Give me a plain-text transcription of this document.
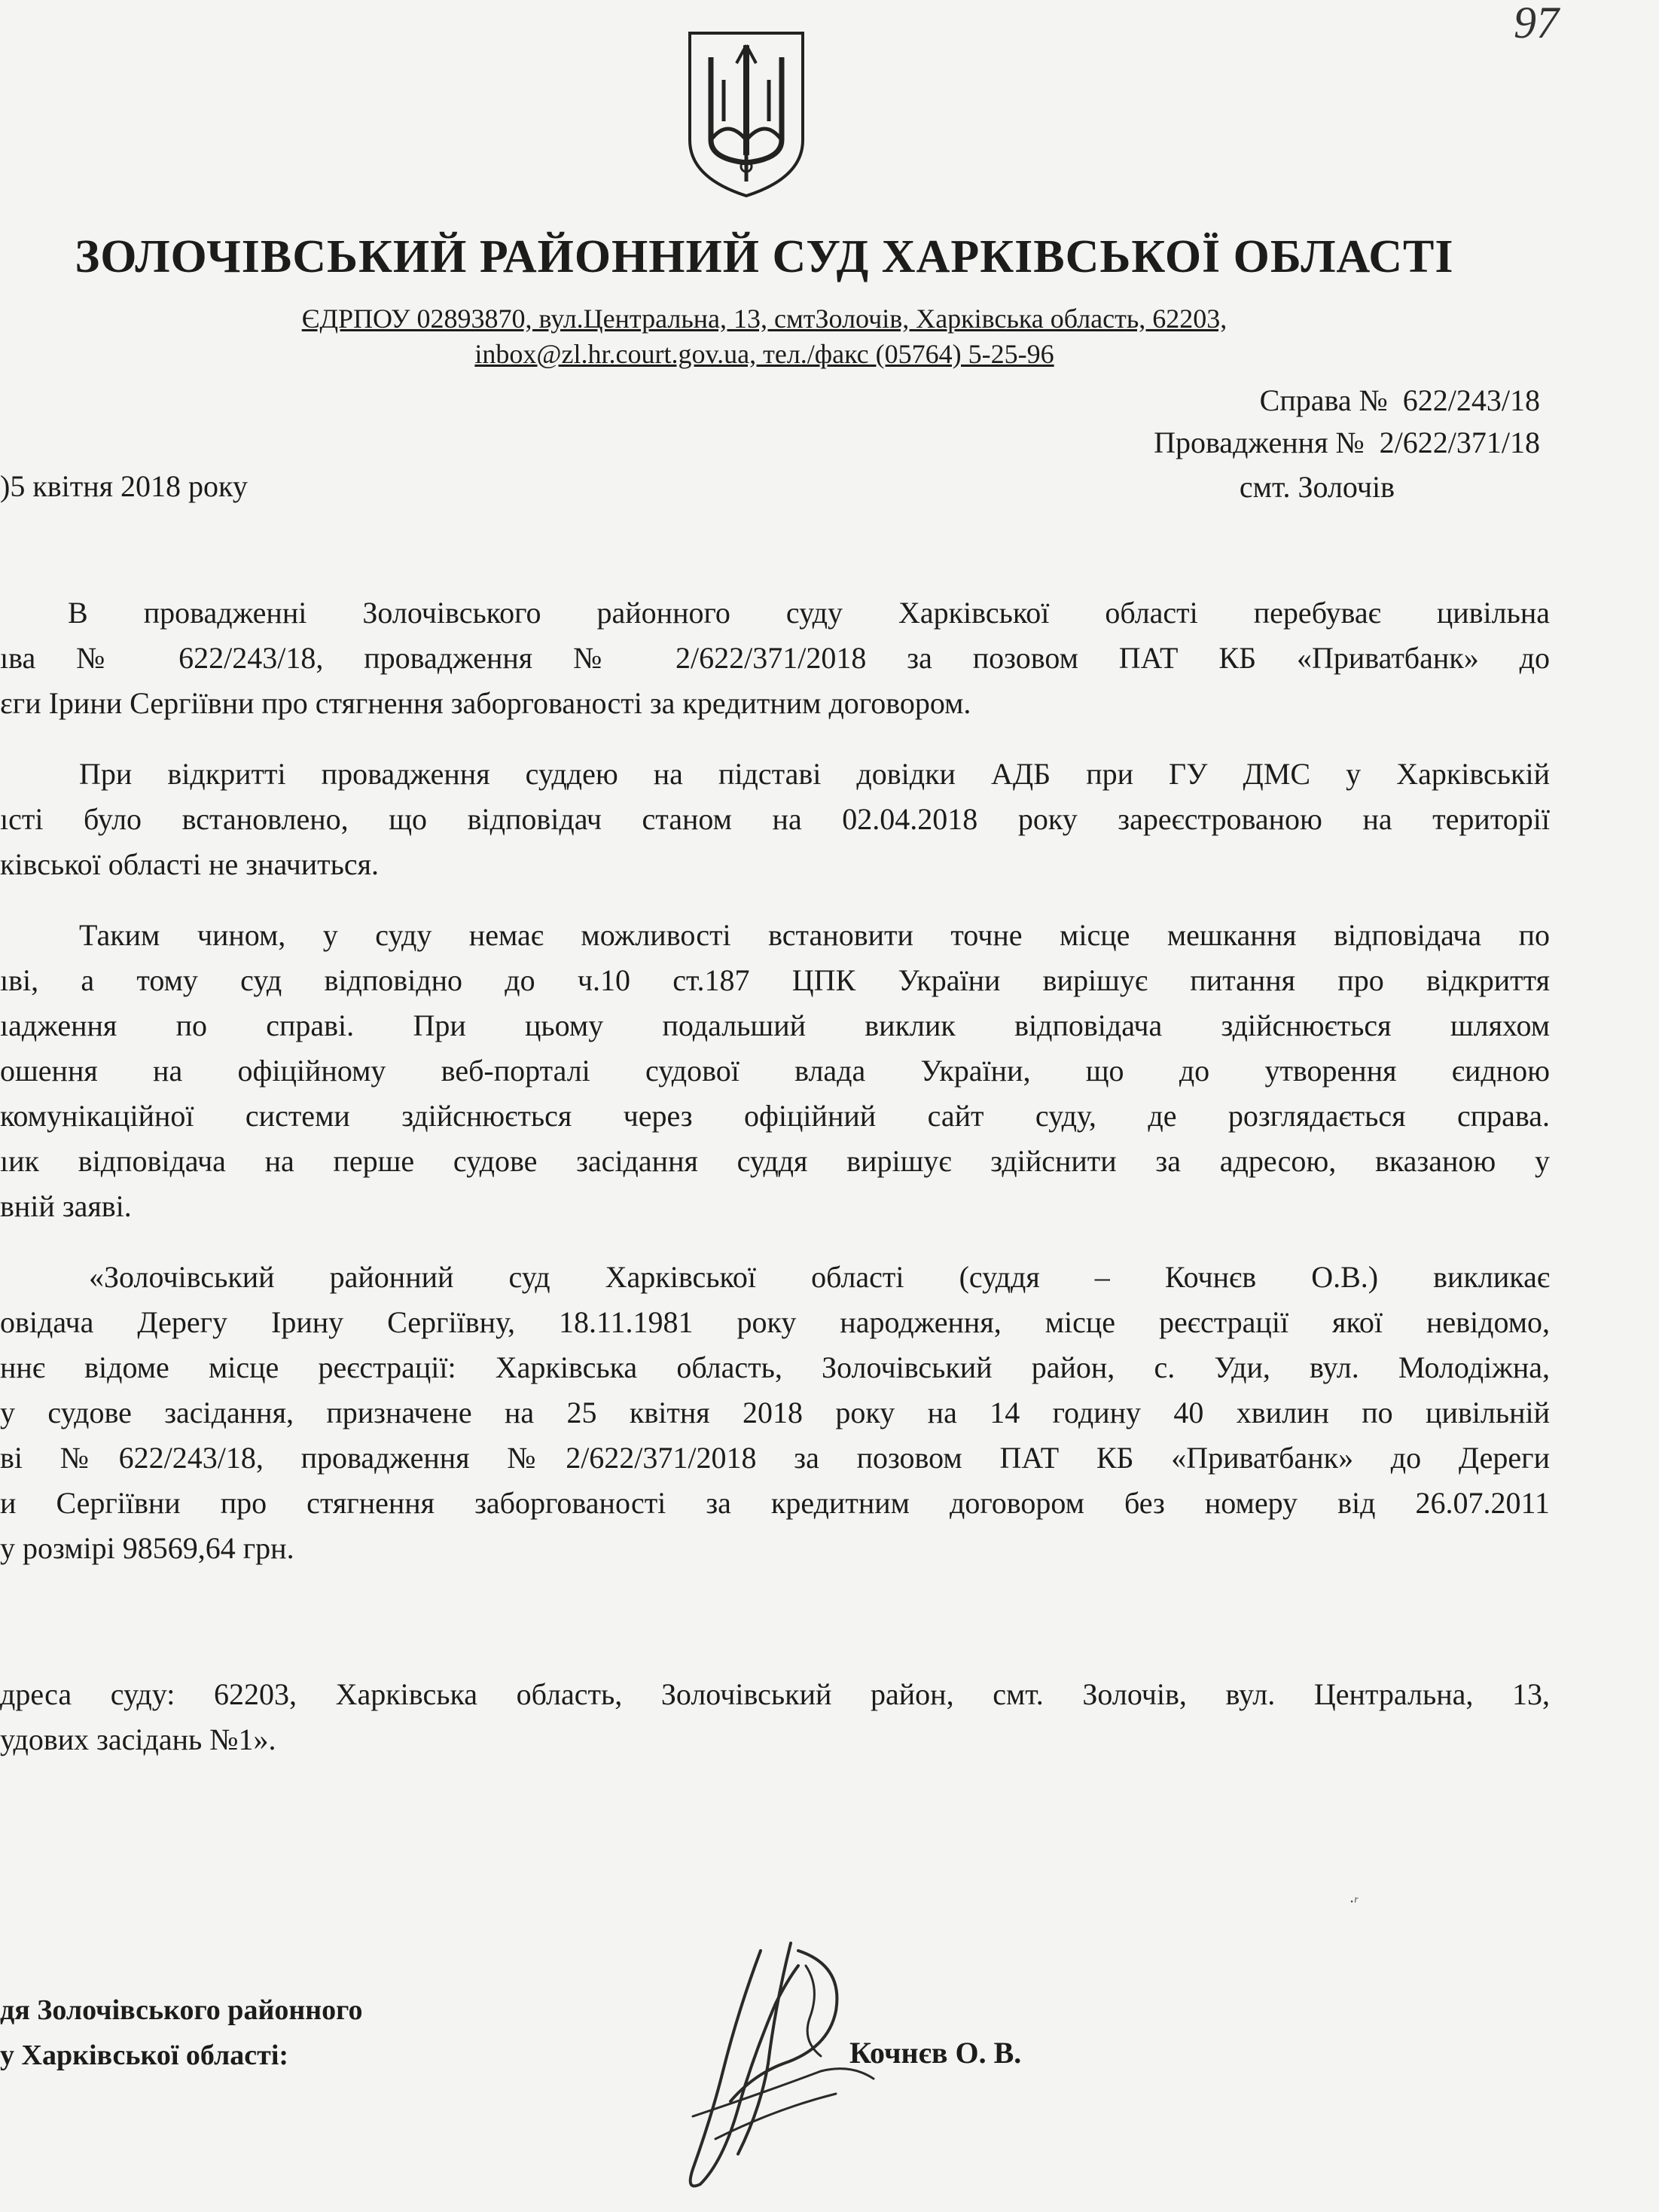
97
ЗОЛОЧІВСЬКИЙ РАЙОННИЙ СУД ХАРКІВСЬКОЇ ОБЛАСТІ
ЄДРПОУ 02893870, вул.Центральна, 13, смтЗолочів, Харківська область, 62203,
inbox@zl.hr.court.gov.ua, тел./факс (05764) 5-25-96
Справа № 622/243/18
Провадження № 2/622/371/18
смт. Золочів
)5 квітня 2018 року
В провадженні Золочівського районного суду Харківської області перебуває цивільна
ıва № 622/243/18, провадження № 2/622/371/2018 за позовом ПАТ КБ «Приватбанк» до
ɛги Ірини Сергіївни про стягнення заборгованості за кредитним договором.
При відкритті провадження суддею на підставі довідки АДБ при ГУ ДМС у Харківській
ıсті було встановлено, що відповідач станом на 02.04.2018 року зареєстрованою на території
ківської області не значиться.
Таким чином, у суду немає можливості встановити точне місце мешкання відповідача по
ıві, а тому суд відповідно до ч.10 ст.187 ЦПК України вирішує питання про відкриття
ıадження по справі. При цьому подальший виклик відповідача здійснюється шляхом
ошення на офіційному веб-порталі судової влада України, що до утворення єидною
комунікаційної системи здійснюється через офіційний сайт суду, де розглядається справа.
ıик відповідача на перше судове засідання суддя вирішує здійснити за адресою, вказаною у
вній заяві.
«Золочівський районний суд Харківської області (суддя – Кочнєв О.В.) викликає
овідача Дерегу Ірину Сергіївну, 18.11.1981 року народження, місце реєстрації якої невідомо,
ннє відоме місце реєстрації: Харківська область, Золочівський район, с. Уди, вул. Молодіжна,
у судове засідання, призначене на 25 квітня 2018 року на 14 годину 40 хвилин по цивільній
ві №622/243/18, провадження №2/622/371/2018 за позовом ПАТ КБ «Приватбанк» до Дереги
и Сергіївни про стягнення заборгованості за кредитним договором без номеру від 26.07.2011
у розмірі 98569,64 грн.
дреса суду: 62203, Харківська область, Золочівський район, смт. Золочів, вул. Центральна, 13,
удових засідань №1».
·ʳ
дя Золочівського районного
у Харківської області:	Кочнєв О. В.
